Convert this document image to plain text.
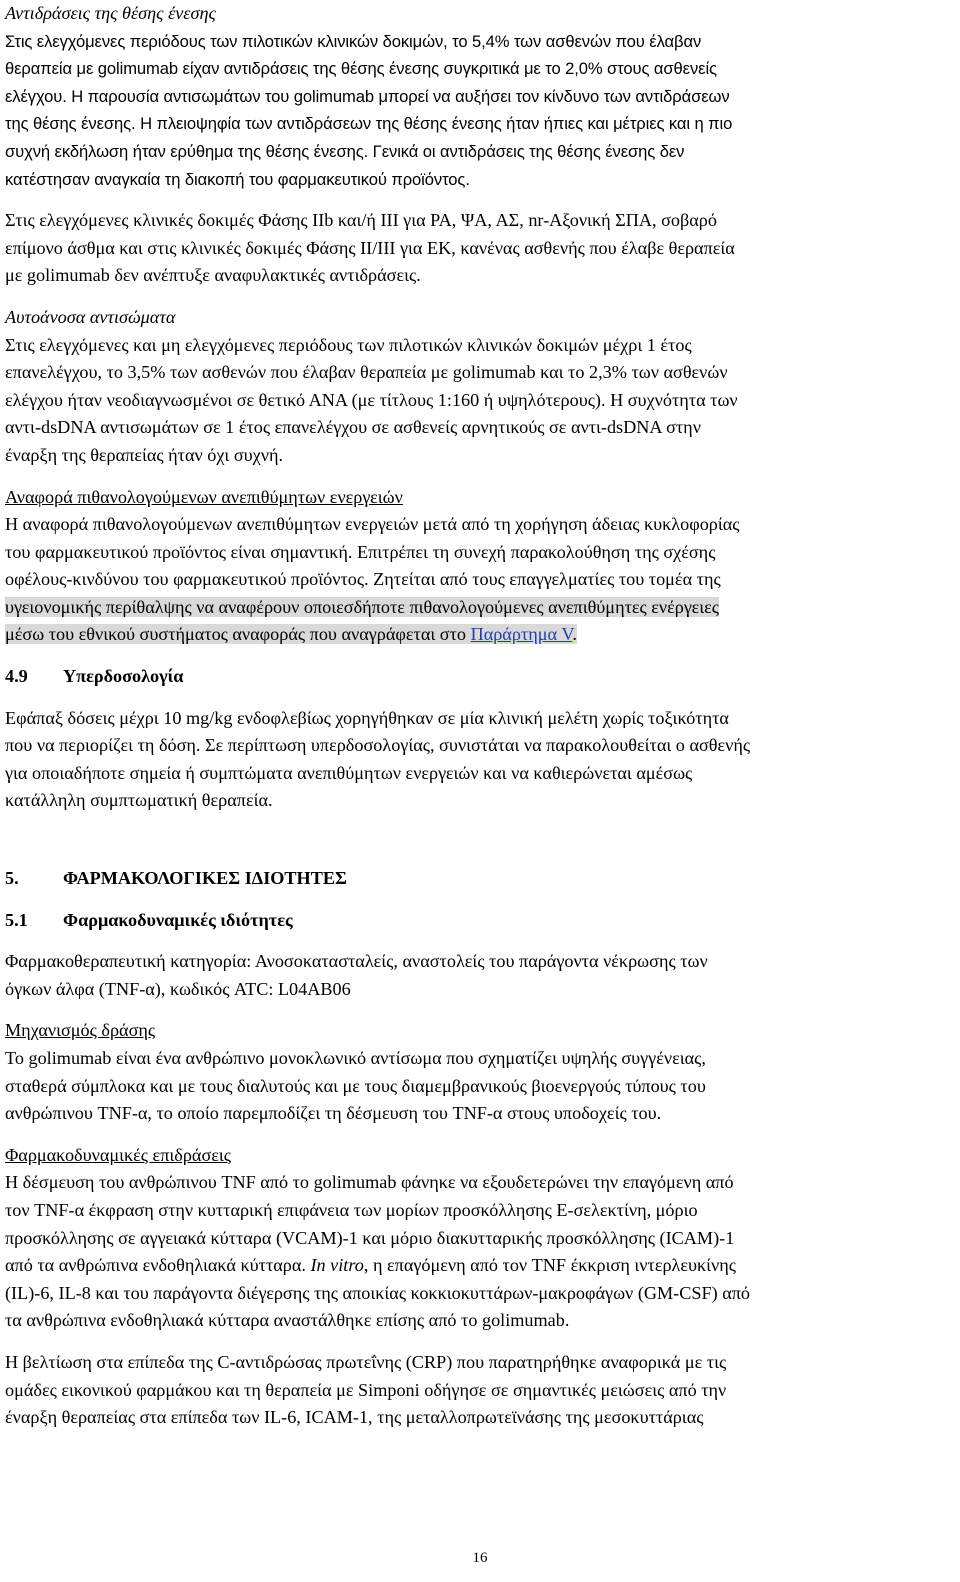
Αντιδράσεις της θέσης ένεσης

Στις ελεγχόμενες περιόδους των πιλοτικών κλινικών δοκιμών, το 5,4% των ασθενών που έλαβαν

θεραπεία με golimumab είχαν αντιδράσεις της θέσης ένεσης συγκριτικά με το 2,0% στους ασθενείς

ελέγχου. Η παρουσία αντισωμάτων του golimumab μπορεί να αυξήσει τον κίνδυνο των αντιδράσεων

της θέσης ένεσης. Η πλειοψηφία των αντιδράσεων της θέσης ένεσης ήταν ήπιες και μέτριες και η πιο

συχνή εκδήλωση ήταν ερύθημα της θέσης ένεσης. Γενικά οι αντιδράσεις της θέσης ένεσης δεν

κατέστησαν αναγκαία τη διακοπή του φαρμακευτικού προϊόντος.

Στις ελεγχόμενες κλινικές δοκιμές Φάσης IIb και/ή III για ΡΑ, ΨΑ, ΑΣ, nr-Αξονική ΣΠΑ, σοβαρό

επίμονο άσθμα και στις κλινικές δοκιμές Φάσης II/III για ΕΚ, κανένας ασθενής που έλαβε θεραπεία

με golimumab δεν ανέπτυξε αναφυλακτικές αντιδράσεις.

Αυτοάνοσα αντισώματα

Στις ελεγχόμενες και μη ελεγχόμενες περιόδους των πιλοτικών κλινικών δοκιμών μέχρι 1 έτος

επανελέγχου, το 3,5% των ασθενών που έλαβαν θεραπεία με golimumab και το 2,3% των ασθενών

ελέγχου ήταν νεοδιαγνωσμένοι σε θετικό ΑΝΑ (με τίτλους 1:160 ή υψηλότερους). Η συχνότητα των

αντι-dsDNA αντισωμάτων σε 1 έτος επανελέγχου σε ασθενείς αρνητικούς σε αντι-dsDNA στην

έναρξη της θεραπείας ήταν όχι συχνή.

Αναφορά πιθανολογούμενων ανεπιθύμητων ενεργειών

Η αναφορά πιθανολογούμενων ανεπιθύμητων ενεργειών μετά από τη χορήγηση άδειας κυκλοφορίας

του φαρμακευτικού προϊόντος είναι σημαντική. Επιτρέπει τη συνεχή παρακολούθηση της σχέσης

οφέλους-κινδύνου του φαρμακευτικού προϊόντος. Ζητείται από τους επαγγελματίες του τομέα της

υγειονομικής περίθαλψης να αναφέρουν οποιεσδήποτε πιθανολογούμενες ανεπιθύμητες ενέργειες

μέσω του εθνικού συστήματος αναφοράς που αναγράφεται στο Παράρτημα V.

4.9	Υπερδοσολογία

Εφάπαξ δόσεις μέχρι 10 mg/kg ενδοφλεβίως χορηγήθηκαν σε μία κλινική μελέτη χωρίς τοξικότητα

που να περιορίζει τη δόση. Σε περίπτωση υπερδοσολογίας, συνιστάται να παρακολουθείται ο ασθενής

για οποιαδήποτε σημεία ή συμπτώματα ανεπιθύμητων ενεργειών και να καθιερώνεται αμέσως

κατάλληλη συμπτωματική θεραπεία.

5.	ΦΑΡΜΑΚΟΛΟΓΙΚΕΣ ΙΔΙΟΤΗΤΕΣ

5.1	Φαρμακοδυναμικές ιδιότητες

Φαρμακοθεραπευτική κατηγορία: Ανοσοκατασταλείς, αναστολείς του παράγοντα νέκρωσης των

όγκων άλφα (TNF-α), κωδικός ATC: L04AB06

Μηχανισμός δράσης

Το golimumab είναι ένα ανθρώπινο μονοκλωνικό αντίσωμα που σχηματίζει υψηλής συγγένειας,

σταθερά σύμπλοκα και με τους διαλυτούς και με τους διαμεμβρανικούς βιοενεργούς τύπους του

ανθρώπινου TNF-α, το οποίο παρεμποδίζει τη δέσμευση του TNF-α στους υποδοχείς του.

Φαρμακοδυναμικές επιδράσεις

Η δέσμευση του ανθρώπινου TNF από το golimumab φάνηκε να εξουδετερώνει την επαγόμενη από

τον TNF-α έκφραση στην κυτταρική επιφάνεια των μορίων προσκόλλησης Ε-σελεκτίνη, μόριο

προσκόλλησης σε αγγειακά κύτταρα (VCAM)-1 και μόριο διακυτταρικής προσκόλλησης (ICAM)-1

από τα ανθρώπινα ενδοθηλιακά κύτταρα. In vitro, η επαγόμενη από τον TNF έκκριση ιντερλευκίνης

(IL)-6, IL-8 και του παράγοντα διέγερσης της αποικίας κοκκιοκυττάρων-μακροφάγων (GM-CSF) από

τα ανθρώπινα ενδοθηλιακά κύτταρα αναστάλθηκε επίσης από το golimumab.

Η βελτίωση στα επίπεδα της C-αντιδρώσας πρωτεΐνης (CRP) που παρατηρήθηκε αναφορικά με τις

ομάδες εικονικού φαρμάκου και τη θεραπεία με Simponi οδήγησε σε σημαντικές μειώσεις από την

έναρξη θεραπείας στα επίπεδα των IL-6, ICAM-1, της μεταλλοπρωτεϊνάσης της μεσοκυττάριας

16
